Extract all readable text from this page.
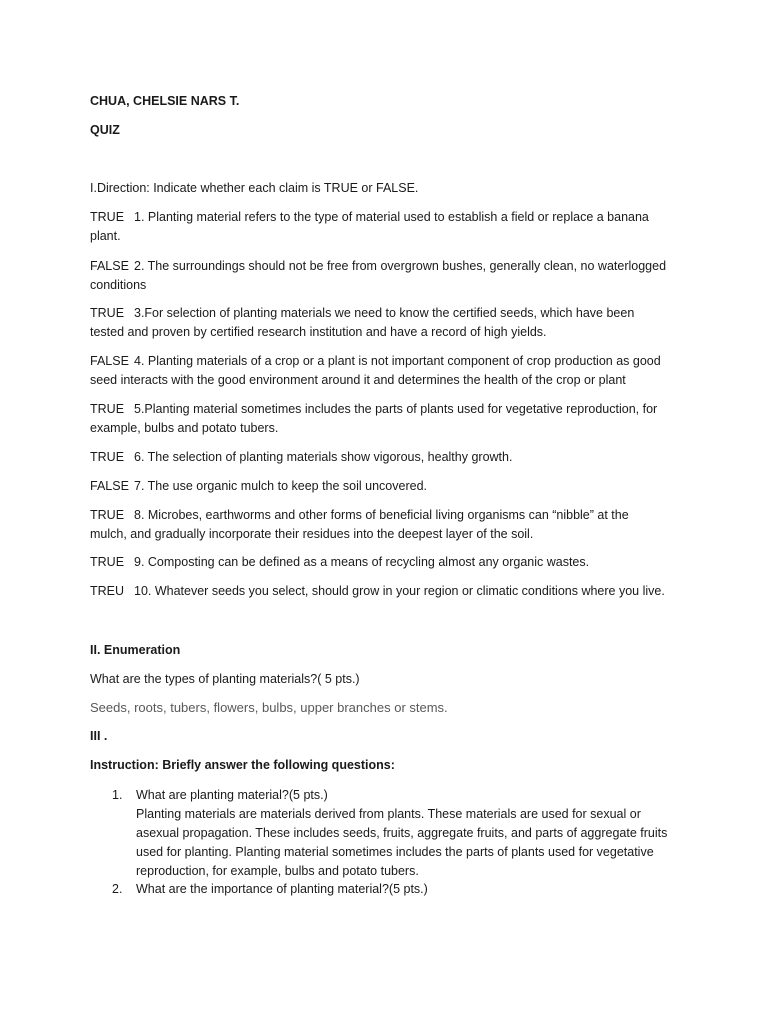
CHUA, CHELSIE NARS T.
QUIZ
I.Direction: Indicate whether each claim is TRUE or FALSE.
TRUE 1. Planting material refers to the type of material used to establish a field or replace a banana
plant.
FALSE 2. The surroundings should not be free from overgrown bushes, generally clean, no waterlogged
conditions
TRUE 3.For selection of planting materials we need to know the certified seeds, which have been
tested and proven by certified research institution and have a record of high yields.
FALSE 4. Planting materials of a crop or a plant is not important component of crop production as good
seed interacts with the good environment around it and determines the health of the crop or plant
TRUE 5.Planting material sometimes includes the parts of plants used for vegetative reproduction, for
example, bulbs and potato tubers.
TRUE 6. The selection of planting materials show vigorous, healthy growth.
FALSE 7. The use organic mulch to keep the soil uncovered.
TRUE 8. Microbes, earthworms and other forms of beneficial living organisms can “nibble” at the
mulch, and gradually incorporate their residues into the deepest layer of the soil.
TRUE 9. Composting can be defined as a means of recycling almost any organic wastes.
TREU 10. Whatever seeds you select, should grow in your region or climatic conditions where you live.
II. Enumeration
What are the types of planting materials?( 5 pts.)
Seeds, roots, tubers, flowers, bulbs, upper branches or stems.
III .
Instruction: Briefly answer the following questions:
1. What are planting material?(5 pts.)
Planting materials are materials derived from plants. These materials are used for sexual or
asexual propagation. These includes seeds, fruits, aggregate fruits, and parts of aggregate fruits
used for planting. Planting material sometimes includes the parts of plants used for vegetative
reproduction, for example, bulbs and potato tubers.
2. What are the importance of planting material?(5 pts.)
